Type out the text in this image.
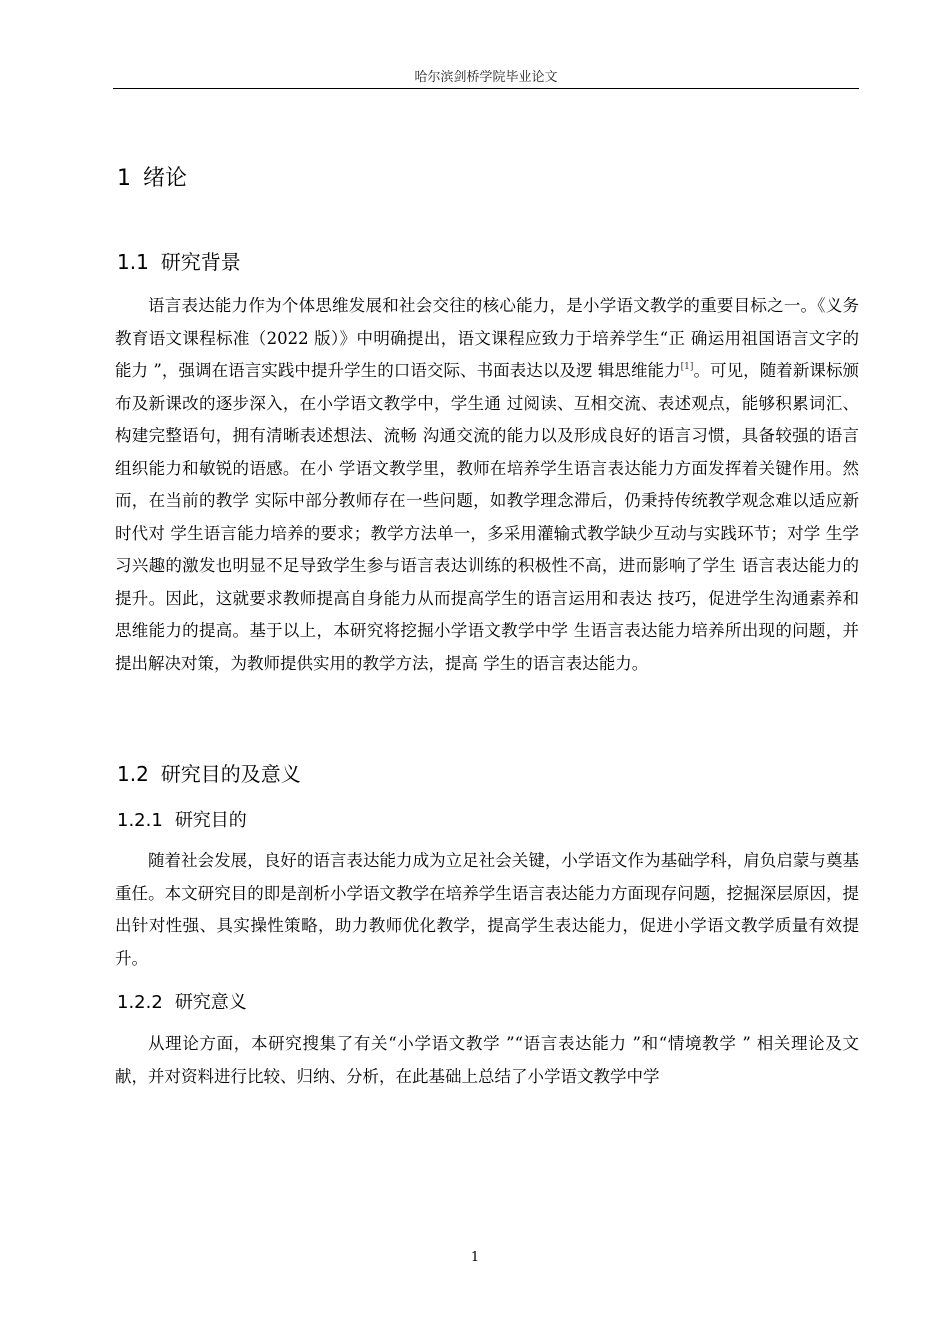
哈尔滨剑桥学院毕业论文
1 绪论
1.1 研究背景

语言表达能力作为个体思维发展和社会交往的核心能力，是小学语文教学的重要目标之一。《义务教育语文课程标准（2022 版）》中明确提出，语文课程应致力于培养学生“正 确运用祖国语言文字的能力 ”，强调在语言实践中提升学生的口语交际、书面表达以及逻 辑思维能力[1]。可见，随着新课标颁布及新课改的逐步深入，在小学语文教学中，学生通 过阅读、互相交流、表述观点，能够积累词汇、构建完整语句，拥有清晰表述想法、流畅 沟通交流的能力以及形成良好的语言习惯，具备较强的语言组织能力和敏锐的语感。在小 学语文教学里，教师在培养学生语言表达能力方面发挥着关键作用。然而，在当前的教学 实际中部分教师存在一些问题，如教学理念滞后，仍秉持传统教学观念难以适应新时代对 学生语言能力培养的要求；教学方法单一，多采用灌输式教学缺少互动与实践环节；对学 生学习兴趣的激发也明显不足导致学生参与语言表达训练的积极性不高，进而影响了学生 语言表达能力的提升。因此，这就要求教师提高自身能力从而提高学生的语言运用和表达 技巧，促进学生沟通素养和思维能力的提高。基于以上，本研究将挖掘小学语文教学中学 生语言表达能力培养所出现的问题，并提出解决对策，为教师提供实用的教学方法，提高 学生的语言表达能力。

1.2 研究目的及意义
1.2.1 研究目的

随着社会发展，良好的语言表达能力成为立足社会关键，小学语文作为基础学科，肩负启蒙与奠基重任。本文研究目的即是剖析小学语文教学在培养学生语言表达能力方面现存问题，挖掘深层原因，提出针对性强、具实操性策略，助力教师优化教学，提高学生表达能力，促进小学语文教学质量有效提升。

1.2.2 研究意义

从理论方面，本研究搜集了有关“小学语文教学 ”“语言表达能力 ”和“情境教学 ” 相关理论及文献，并对资料进行比较、归纳、分析，在此基础上总结了小学语文教学中学

1
